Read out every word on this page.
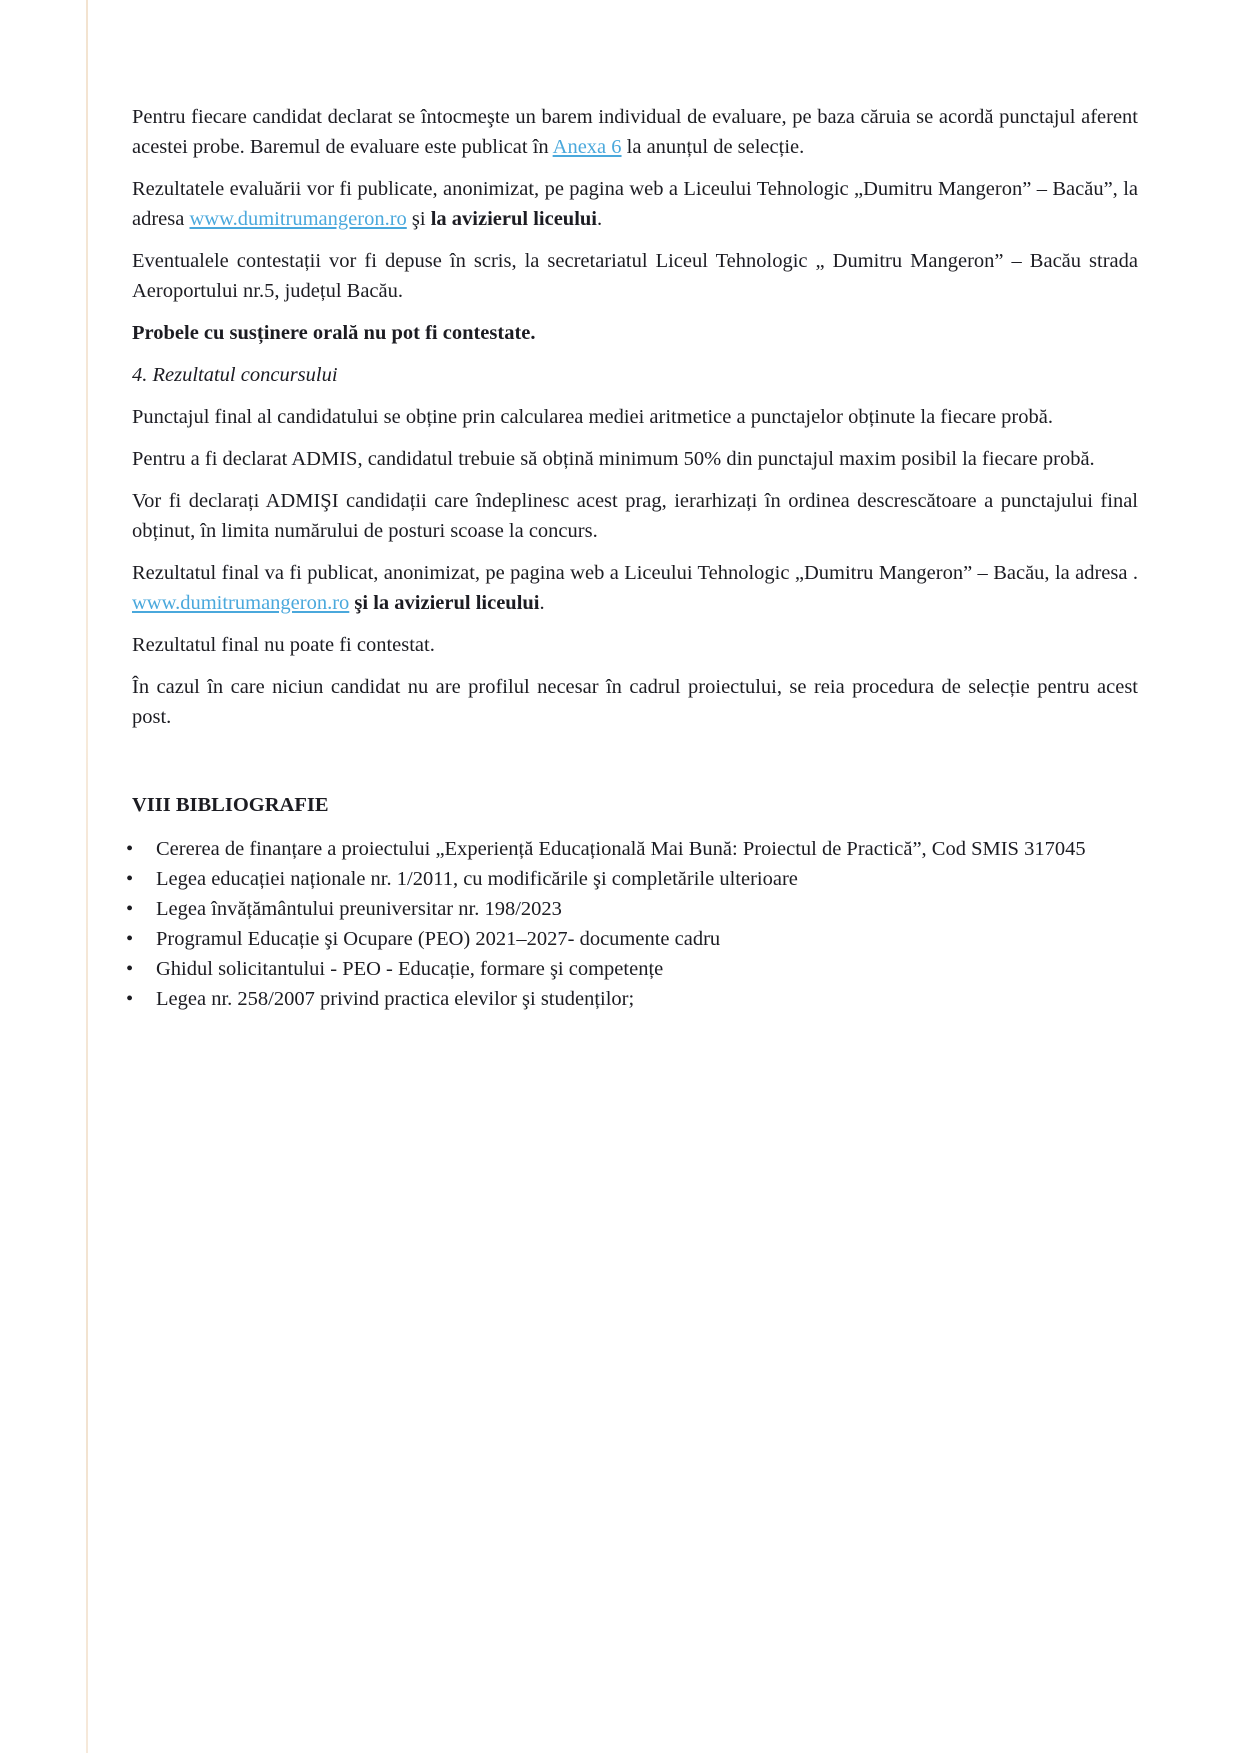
Pentru fiecare candidat declarat se întocmeşte un barem individual de evaluare, pe baza căruia se acordă punctajul aferent acestei probe. Baremul de evaluare este publicat în Anexa 6 la anunțul de selecție.

Rezultatele evaluării vor fi publicate, anonimizat, pe pagina web a Liceului Tehnologic „Dumitru Mangeron” – Bacău”, la adresa www.dumitrumangeron.ro şi la avizierul liceului.

Eventualele contestații vor fi depuse în scris, la secretariatul Liceul Tehnologic „ Dumitru Mangeron” – Bacău strada Aeroportului nr.5, județul Bacău.

Probele cu susținere orală nu pot fi contestate.

4. Rezultatul concursului

Punctajul final al candidatului se obține prin calcularea mediei aritmetice a punctajelor obținute la fiecare probă.

Pentru a fi declarat ADMIS, candidatul trebuie să obțină minimum 50% din punctajul maxim posibil la fiecare probă.

Vor fi declarați ADMIŞI candidații care îndeplinesc acest prag, ierarhizați în ordinea descrescătoare a punctajului final obținut, în limita numărului de posturi scoase la concurs.

Rezultatul final va fi publicat, anonimizat, pe pagina web a Liceului Tehnologic „Dumitru Mangeron” – Bacău, la adresa . www.dumitrumangeron.ro şi la avizierul liceului.

Rezultatul final nu poate fi contestat.

În cazul în care niciun candidat nu are profilul necesar în cadrul proiectului, se reia procedura de selecție pentru acest post.

VIII BIBLIOGRAFIE
• Cererea de finanțare a proiectului „Experiență Educațională Mai Bună: Proiectul de Practică”, Cod SMIS 317045
• Legea educației naționale nr. 1/2011, cu modificările şi completările ulterioare
• Legea învățământului preuniversitar nr. 198/2023
• Programul Educație şi Ocupare (PEO) 2021–2027- documente cadru
• Ghidul solicitantului - PEO - Educație, formare şi competențe
• Legea nr. 258/2007 privind practica elevilor şi studenților;
